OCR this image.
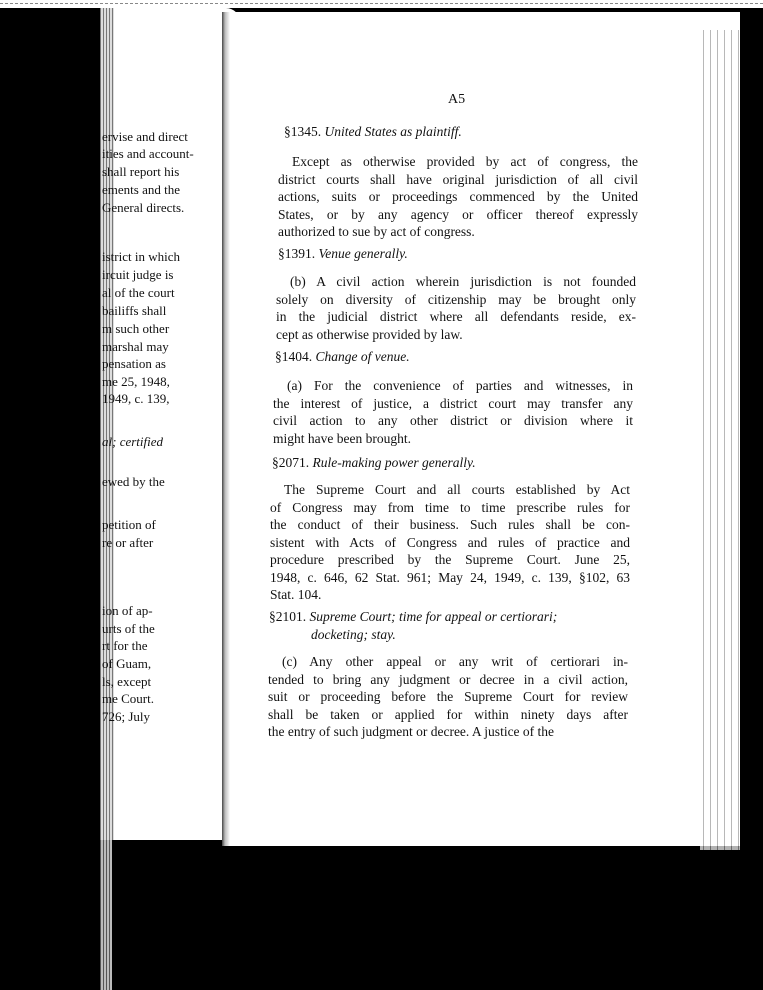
ervise and direct
ities and account-
shall report his
ements and the
General directs.
istrict in which
ircuit judge is
al of the court
bailiffs shall
m such other
marshal may
pensation as
me 25, 1948,
1949, c. 139,
al; certified
ewed by the
petition of
re or after
ion of ap-
urts of the
rt for the
of Guam,
ls, except
me Court.
726; July
A5
§1345. United States as plaintiff.
Except as otherwise provided by act of congress, the
district courts shall have original jurisdiction of all civil
actions, suits or proceedings commenced by the United
States, or by any agency or officer thereof expressly
authorized to sue by act of congress.
§1391. Venue generally.
(b) A civil action wherein jurisdiction is not founded
solely on diversity of citizenship may be brought only
in the judicial district where all defendants reside, ex-
cept as otherwise provided by law.
§1404. Change of venue.
(a) For the convenience of parties and witnesses, in
the interest of justice, a district court may transfer any
civil action to any other district or division where it
might have been brought.
§2071. Rule-making power generally.
The Supreme Court and all courts established by Act
of Congress may from time to time prescribe rules for
the conduct of their business. Such rules shall be con-
sistent with Acts of Congress and rules of practice and
procedure prescribed by the Supreme Court. June 25,
1948, c. 646, 62 Stat. 961; May 24, 1949, c. 139, §102, 63
Stat. 104.
§2101. Supreme Court; time for appeal or certiorari;
docketing; stay.
(c) Any other appeal or any writ of certiorari in-
tended to bring any judgment or decree in a civil action,
suit or proceeding before the Supreme Court for review
shall be taken or applied for within ninety days after
the entry of such judgment or decree. A justice of the
